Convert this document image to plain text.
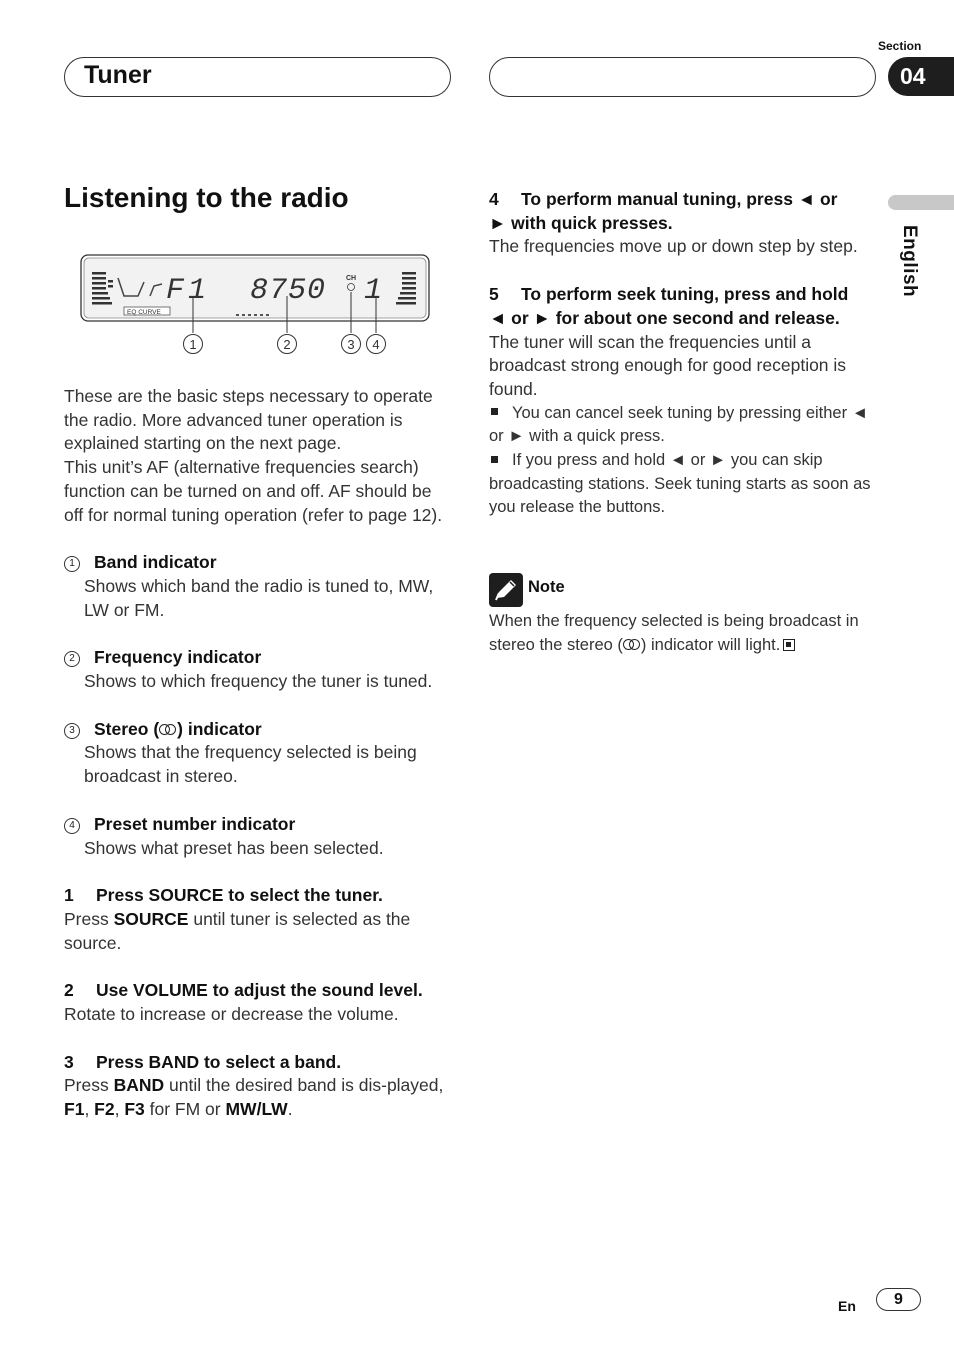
Tuner
Section
04
English
Listening to the radio
EQ CURVE
F1 8750	CH 1
1	2	3 4
These are the basic steps necessary to operate the radio. More advanced tuner operation is explained starting on the next page.
This unit’s AF (alternative frequencies search) function can be turned on and off. AF should be off for normal tuning operation (refer to page 12).
1 Band indicator
Shows which band the radio is tuned to, MW, LW or FM.
2 Frequency indicator
Shows to which frequency the tuner is tuned.
3 Stereo ( ) indicator
Shows that the frequency selected is being broadcast in stereo.
4 Preset number indicator
Shows what preset has been selected.
1 Press SOURCE to select the tuner.
Press SOURCE until tuner is selected as the source.
2 Use VOLUME to adjust the sound level.
Rotate to increase or decrease the volume.
3 Press BAND to select a band.
Press BAND until the desired band is dis-played, F1, F2, F3 for FM or MW/LW.
4 To perform manual tuning, press ◄ or
► with quick presses.
The frequencies move up or down step by step.
5 To perform seek tuning, press and hold
◄ or ► for about one second and release.
The tuner will scan the frequencies until a broadcast strong enough for good reception is found.
You can cancel seek tuning by pressing either ◄ or ► with a quick press.
If you press and hold ◄ or ► you can skip broadcasting stations. Seek tuning starts as soon as you release the buttons.
Note
When the frequency selected is being broadcast in stereo the stereo ( ) indicator will light.
En	9
